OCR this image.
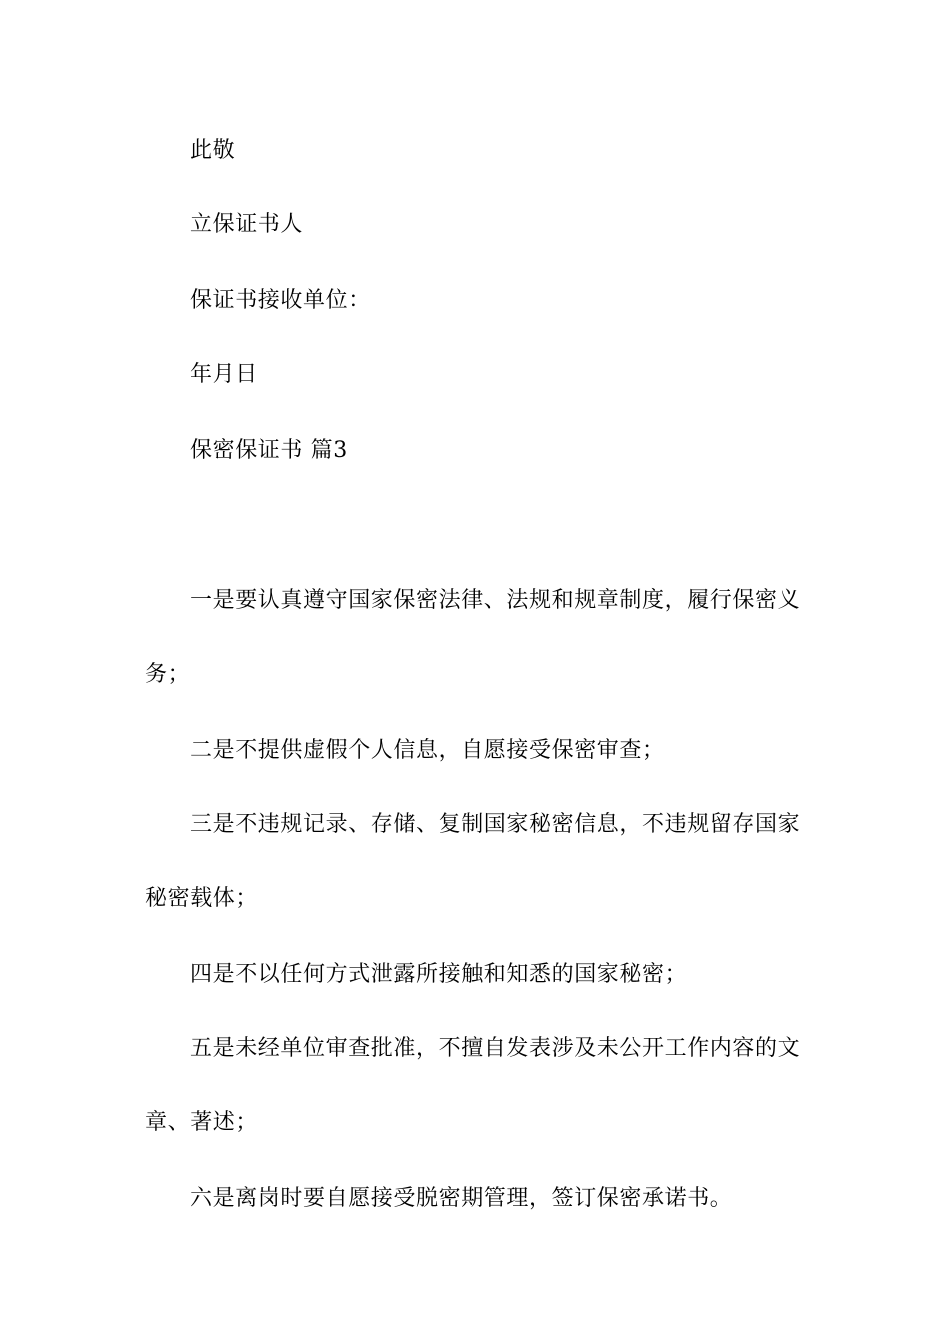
此敬
立保证书人
保证书接收单位：
年月日
保密保证书 篇3
一是要认真遵守国家保密法律、法规和规章制度，履行保密义
务；
二是不提供虚假个人信息，自愿接受保密审查；
三是不违规记录、存储、复制国家秘密信息，不违规留存国家
秘密载体；
四是不以任何方式泄露所接触和知悉的国家秘密；
五是未经单位审查批准，不擅自发表涉及未公开工作内容的文
章、著述；
六是离岗时要自愿接受脱密期管理，签订保密承诺书。
